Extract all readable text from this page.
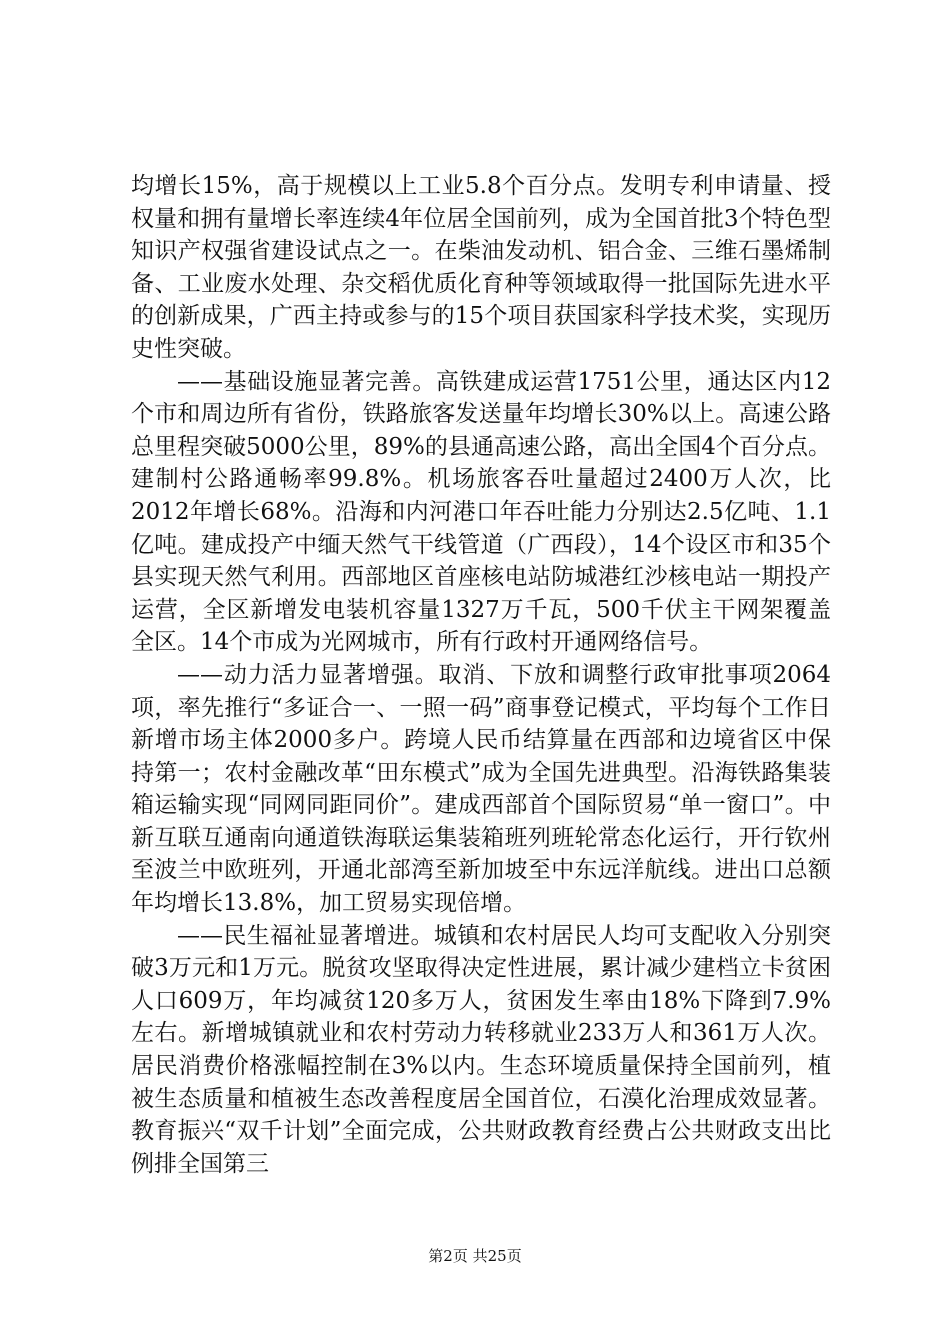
均增长15%，高于规模以上工业5.8个百分点。发明专利申请量、授权量和拥有量增长率连续4年位居全国前列，成为全国首批3个特色型知识产权强省建设试点之一。在柴油发动机、铝合金、三维石墨烯制备、工业废水处理、杂交稻优质化育种等领域取得一批国际先进水平的创新成果，广西主持或参与的15个项目获国家科学技术奖，实现历史性突破。

——基础设施显著完善。高铁建成运营1751公里，通达区内12个市和周边所有省份，铁路旅客发送量年均增长30%以上。高速公路总里程突破5000公里，89%的县通高速公路，高出全国4个百分点。建制村公路通畅率99.8%。机场旅客吞吐量超过2400万人次，比2012年增长68%。沿海和内河港口年吞吐能力分别达2.5亿吨、1.1亿吨。建成投产中缅天然气干线管道（广西段），14个设区市和35个县实现天然气利用。西部地区首座核电站防城港红沙核电站一期投产运营，全区新增发电装机容量1327万千瓦，500千伏主干网架覆盖全区。14个市成为光网城市，所有行政村开通网络信号。

——动力活力显著增强。取消、下放和调整行政审批事项2064项，率先推行“多证合一、一照一码”商事登记模式，平均每个工作日新增市场主体2000多户。跨境人民币结算量在西部和边境省区中保持第一；农村金融改革“田东模式”成为全国先进典型。沿海铁路集装箱运输实现“同网同距同价”。建成西部首个国际贸易“单一窗口”。中新互联互通南向通道铁海联运集装箱班列班轮常态化运行，开行钦州至波兰中欧班列，开通北部湾至新加坡至中东远洋航线。进出口总额年均增长13.8%，加工贸易实现倍增。

——民生福祉显著增进。城镇和农村居民人均可支配收入分别突破3万元和1万元。脱贫攻坚取得决定性进展，累计减少建档立卡贫困人口609万，年均减贫120多万人，贫困发生率由18%下降到7.9%左右。新增城镇就业和农村劳动力转移就业233万人和361万人次。居民消费价格涨幅控制在3%以内。生态环境质量保持全国前列，植被生态质量和植被生态改善程度居全国首位，石漠化治理成效显著。教育振兴“双千计划”全面完成，公共财政教育经费占公共财政支出比例排全国第三

第2页 共25页
